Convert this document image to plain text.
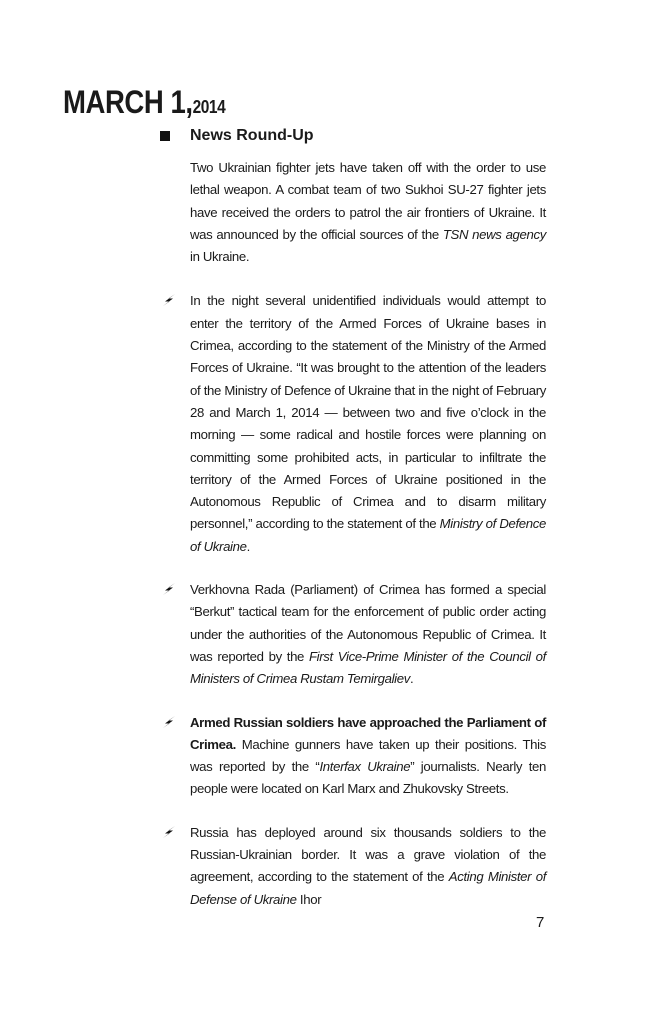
MARCH 1,2014
News Round-Up

Two Ukrainian fighter jets have taken off with the order to use lethal weapon. A combat team of two Sukhoi SU-27 fighter jets have received the orders to patrol the air frontiers of Ukraine. It was announced by the official sources of the TSN news agency in Ukraine.

In the night several unidentified individuals would attempt to enter the territory of the Armed Forces of Ukraine bases in Crimea, according to the statement of the Ministry of the Armed Forces of Ukraine. “It was brought to the attention of the leaders of the Ministry of Defence of Ukraine that in the night of February 28 and March 1, 2014 — between two and five o’clock in the morning — some radical and hostile forces were planning on committing some prohibited acts, in particular to infiltrate the territory of the Armed Forces of Ukraine positioned in the Autonomous Republic of Crimea and to disarm military personnel,” according to the statement of the Ministry of Defence of Ukraine.

Verkhovna Rada (Parliament) of Crimea has formed a special “Berkut” tactical team for the enforcement of public order acting under the authorities of the Autonomous Republic of Crimea. It was reported by the First Vice-Prime Minister of the Council of Ministers of Crimea Rustam Temirgaliev.

Armed Russian soldiers have approached the Parliament of Crimea. Machine gunners have taken up their positions. This was reported by the “Interfax Ukraine” journalists. Nearly ten people were located on Karl Marx and Zhukovsky Streets.

Russia has deployed around six thousands soldiers to the Russian-Ukrainian border. It was a grave violation of the agreement, according to the statement of the Acting Minister of Defense of Ukraine Ihor

7
